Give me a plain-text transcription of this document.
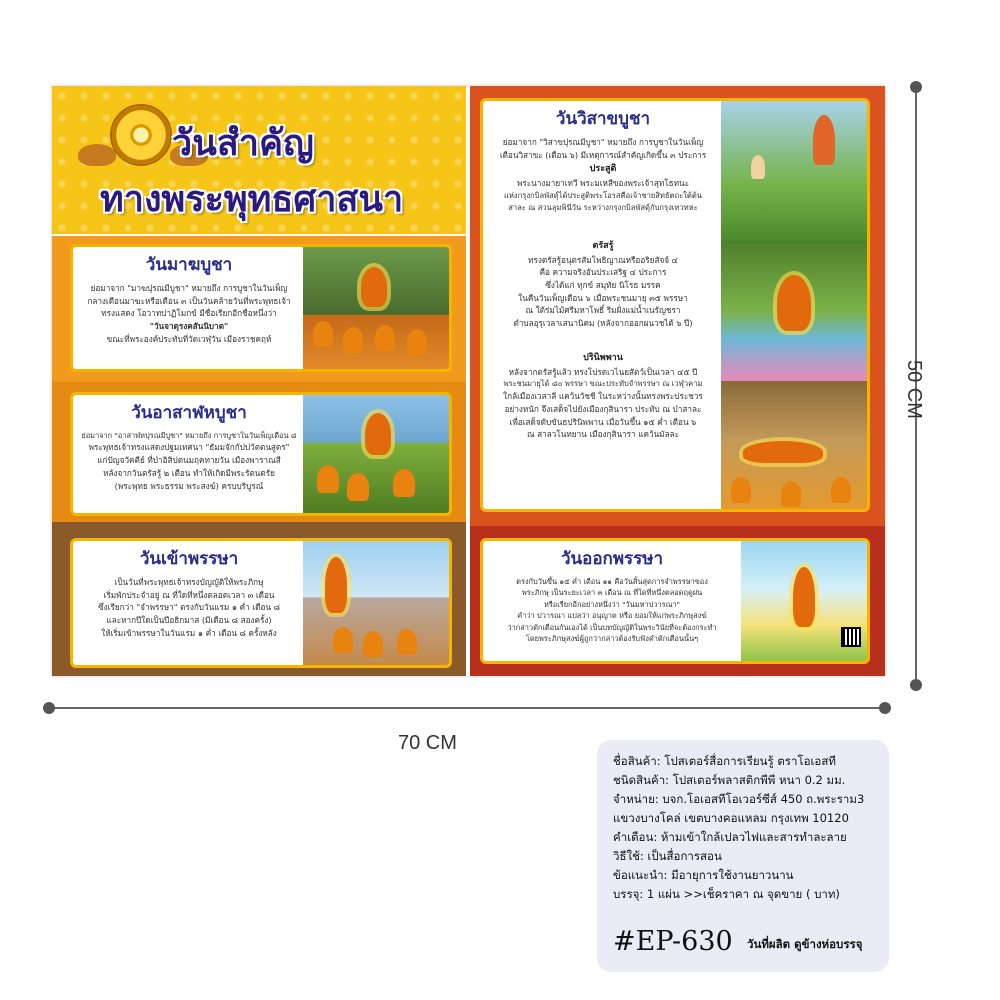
70 CM
50 CM
วันสำคัญ
ทางพระพุทธศาสนา
วันมาฆบูชา
ย่อมาจาก "มาฆปุรณมีบูชา" หมายถึง การบูชาในวันเพ็ญ
กลางเดือนมาฆะหรือเดือน ๓ เป็นวันคล้ายวันที่พระพุทธเจ้า
ทรงแสดง โอวาทปาฏิโมกข์ มีชื่อเรียกอีกชื่อหนึ่งว่า
"วันจาตุรงคสันนิบาต"
ขณะที่พระองค์ประทับที่วัดเวฬุวัน เมืองราชคฤห์
วันอาสาฬหบูชา
ย่อมาจาก "อาสาฬหปุรณมีบูชา" หมายถึง การบูชาในวันเพ็ญเดือน ๘
พระพุทธเจ้าทรงแสดงปฐมเทศนา "ธัมมจักกัปปวัตตนสูตร"
แก่ปัญจวัคคีย์ ที่ป่าอิสิปตนมฤคทายวัน เมืองพาราณสี
หลังจากวันตรัสรู้ ๒ เดือน ทำให้เกิดมีพระรัตนตรัย
(พระพุทธ พระธรรม พระสงฆ์) ครบบริบูรณ์
วันเข้าพรรษา
เป็นวันที่พระพุทธเจ้าทรงบัญญัติให้พระภิกษุ
เริ่มพักประจำอยู่ ณ ที่ใดที่หนึ่งตลอดเวลา ๓ เดือน
ซึ่งเรียกว่า "จำพรรษา" ตรงกับวันแรม ๑ ค่ำ เดือน ๘
และหากปีใดเป็นปีอธิกมาส (มีเดือน ๘ สองครั้ง)
ให้เริ่มเข้าพรรษาในวันแรม ๑ ค่ำ เดือน ๘ ครั้งหลัง
วันวิสาขบูชา
ย่อมาจาก "วิสาขปุรณมีบูชา" หมายถึง การบูชาในวันเพ็ญ
เดือนวิสาขะ (เดือน ๖) มีเหตุการณ์สำคัญเกิดขึ้น ๓ ประการ
ประสูติ
พระนางมายาเทวี พระมเหสีของพระเจ้าสุทโธทนะ
แห่งกรุงกบิลพัสดุ์ได้ประสูติพระโอรสคือเจ้าชายสิทธัตถะใต้ต้น
สาละ ณ สวนลุมพินีวัน ระหว่างกรุงกบิลพัสดุ์กับกรุงเทวทหะ
ตรัสรู้
ทรงตรัสรู้อนุตรสัมโพธิญาณหรืออริยสัจจ์ ๔
คือ ความจริงอันประเสริฐ ๔ ประการ
ซึ่งได้แก่ ทุกข์ สมุทัย นิโรธ มรรค
ในคืนวันเพ็ญเดือน ๖ เมื่อพระชนมายุ ๓๕ พรรษา
ณ ใต้ร่มไม้ศรีมหาโพธิ์ ริมฝั่งแม่น้ำเนรัญชรา
ตำบลอุรุเวลาเสนานิคม (หลังจากออกผนวชได้ ๖ ปี)
ปรินิพพาน
หลังจากตรัสรู้แล้ว ทรงโปรดเวไนยสัตว์เป็นเวลา ๔๕ ปี
พระชนมายุได้ ๘๐ พรรษา ขณะประทับจำพรรษา ณ เวฬุวคาม
ใกล้เมืองเวสาลี แคว้นวัชชี ในระหว่างนั้นทรงพระประชวร
อย่างหนัก จึงเสด็จไปยังเมืองกุสินารา ประทับ ณ ป่าสาละ
เพื่อเสด็จดับขันธปรินิพพาน เมื่อวันขึ้น ๑๕ ค่ำ เดือน ๖
ณ สาลวโนทยาน เมืองกุสินารา แคว้นมัลละ
วันออกพรรษา
ตรงกับวันขึ้น ๑๕ ค่ำ เดือน ๑๑ คือวันสิ้นสุดการจำพรรษาของ
พระภิกษุ เป็นระยะเวลา ๓ เดือน ณ ที่ใดที่หนึ่งตลอดฤดูฝน
หรือเรียกอีกอย่างหนึ่งว่า "วันมหาปวารณา"
คำว่า ปวารณา แปลว่า อนุญาต หรือ ยอมให้แก่พระภิกษุสงฆ์
ว่ากล่าวตักเตือนกันเองได้ เป็นบทบัญญัติในพระวินัยที่จะต้องกระทำ
โดยพระภิกษุสงฆ์ผู้ถูกว่ากล่าวต้องรับฟังคำตักเตือนนั้นๆ
ชื่อสินค้า: โปสเตอร์สื่อการเรียนรู้ ตราโอเอสที
ชนิดสินค้า: โปสเตอร์พลาสติกพีพี หนา 0.2 มม.
จำหน่าย: บจก.โอเอสทีโอเวอร์ซีส์ 450 ถ.พระราม3
แขวงบางโคล่ เขตบางคอแหลม กรุงเทพ 10120
คำเตือน: ห้ามเข้าใกล้เปลวไฟและสารทำละลาย
วิธีใช้: เป็นสื่อการสอน
ข้อแนะนำ: มีอายุการใช้งานยาวนาน
บรรจุ: 1 แผ่น >>เช็คราคา ณ จุดขาย ( บาท)
#EP-630 วันที่ผลิต ดูข้างห่อบรรจุ
